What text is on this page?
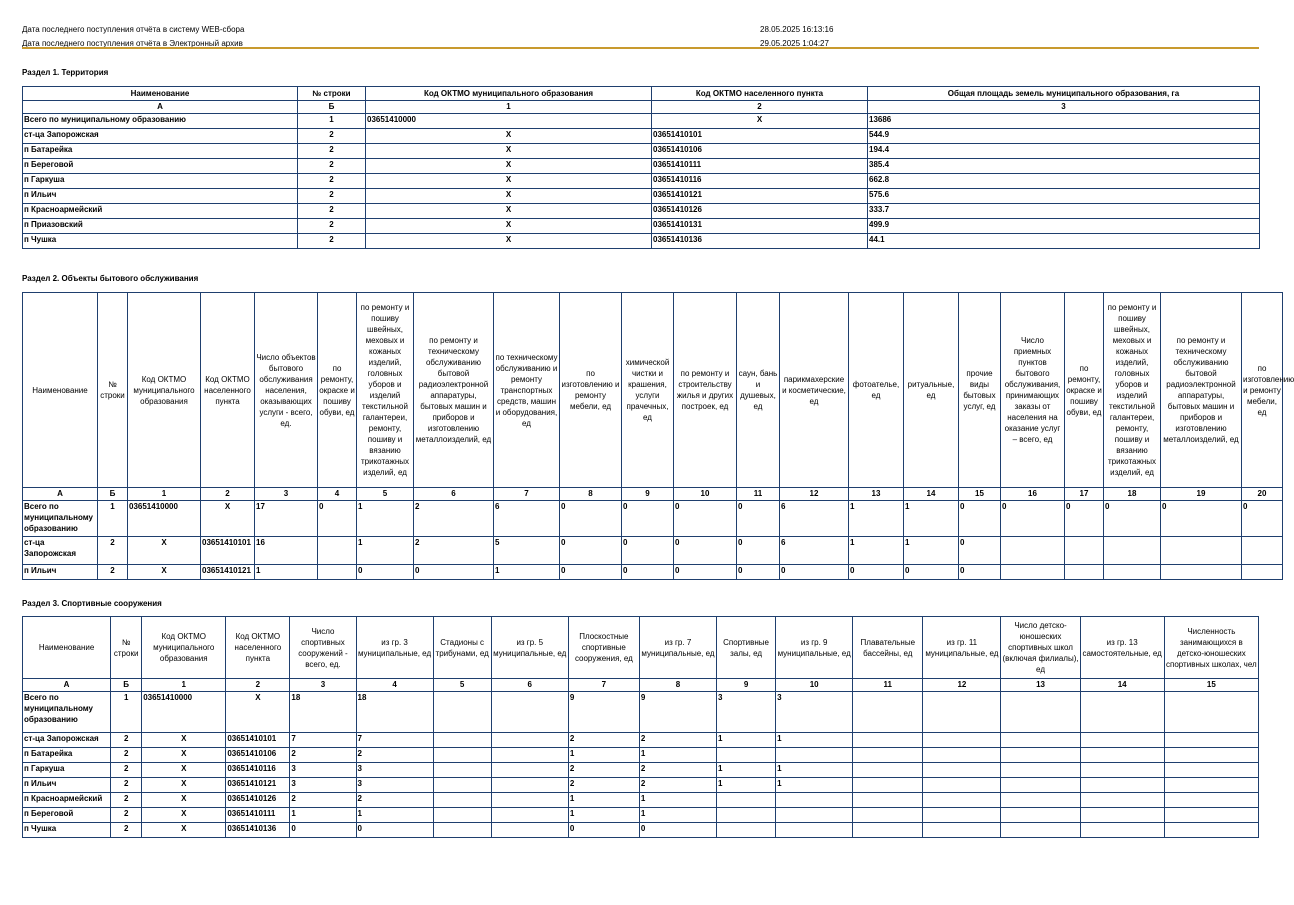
Дата последнего поступления отчёта в систему WEB-сбора	28.05.2025 16:13:16
Дата последнего поступления отчёта в Электронный архив	29.05.2025 1:04:27
Раздел 1. Территория
Наименование	№ строки	Код ОКТМО муниципального образования	Код ОКТМО населенного пункта	Общая площадь земель муниципального образования, га
А	Б	1	2	3
Всего по муниципальному образованию	1	03651410000	X	13686
ст-ца Запорожская	2	X	03651410101	544.9
п Батарейка	2	X	03651410106	194.4
п Береговой	2	X	03651410111	385.4
п Гаркуша	2	X	03651410116	662.8
п Ильич	2	X	03651410121	575.6
п Красноармейский	2	X	03651410126	333.7
п Приазовский	2	X	03651410131	499.9
п Чушка	2	X	03651410136	44.1
Раздел 2. Объекты бытового обслуживания
Наименование	№ строки	Код ОКТМО муниципального образования	Код ОКТМО населенного пункта	Число объектов бытового обслуживания населения, оказывающих услуги - всего, ед.	по ремонту, окраске и пошиву обуви, ед	по ремонту и пошиву швейных, меховых и кожаных изделий, головных уборов и изделий текстильной галантереи, ремонту, пошиву и вязанию трикотажных изделий, ед	по ремонту и техническому обслуживанию бытовой радиоэлектронной аппаратуры, бытовых машин и приборов и изготовлению металлоизделий, ед	по техническому обслуживанию и ремонту транспортных средств, машин и оборудования, ед	по изготовлению и ремонту мебели, ед	химической чистки и крашения, услуги прачечных, ед	по ремонту и строительству жилья и других построек, ед	саун, бань и душевых, ед	парикмахерские и косметические, ед	фотоателье, ед	ритуальные, ед	прочие виды бытовых услуг, ед	Число приемных пунктов бытового обслуживания, принимающих заказы от населения на оказание услуг – всего, ед	по ремонту, окраске и пошиву обуви, ед	по ремонту и пошиву швейных, меховых и кожаных изделий, головных уборов и изделий текстильной галантереи, ремонту, пошиву и вязанию трикотажных изделий, ед	по ремонту и техническому обслуживанию бытовой радиоэлектронной аппаратуры, бытовых машин и приборов и изготовлению металлоизделий, ед	по изготовлению и ремонту мебели, ед
А	Б	1	2	3	4	5	6	7	8	9	10	11	12	13	14	15	16	17	18	19	20
Всего по муниципальному образованию	1	03651410000	X	17	0	1	2	6	0	0	0	0	6	1	1	0	0	0	0	0	0
ст-ца Запорожская	2	X	03651410101	16		1	2	5	0	0	0	0	6	1	1	0					
п Ильич	2	X	03651410121	1		0	0	1	0	0	0	0	0	0	0	0					
Раздел 3. Спортивные сооружения
Наименование	№ строки	Код ОКТМО муниципального образования	Код ОКТМО населенного пункта	Число спортивных сооружений - всего, ед.	из гр. 3 муниципальные, ед	Стадионы с трибунами, ед	из гр. 5 муниципальные, ед	Плоскостные спортивные сооружения, ед	из гр. 7 муниципальные, ед	Спортивные залы, ед	из гр. 9 муниципальные, ед	Плавательные бассейны, ед	из гр. 11 муниципальные, ед	Число детско-юношеских спортивных школ (включая филиалы), ед	из гр. 13 самостоятельные, ед	Численность занимающихся в детско-юношеских спортивных школах, чел
А	Б	1	2	3	4	5	6	7	8	9	10	11	12	13	14	15
Всего по муниципальному образованию	1	03651410000	X	18	18			9	9	3	3					
ст-ца Запорожская	2	X	03651410101	7	7			2	2	1	1					
п Батарейка	2	X	03651410106	2	2			1	1							
п Гаркуша	2	X	03651410116	3	3			2	2	1	1					
п Ильич	2	X	03651410121	3	3			2	2	1	1					
п Красноармейский	2	X	03651410126	2	2			1	1							
п Береговой	2	X	03651410111	1	1			1	1							
п Чушка	2	X	03651410136	0	0			0	0							
